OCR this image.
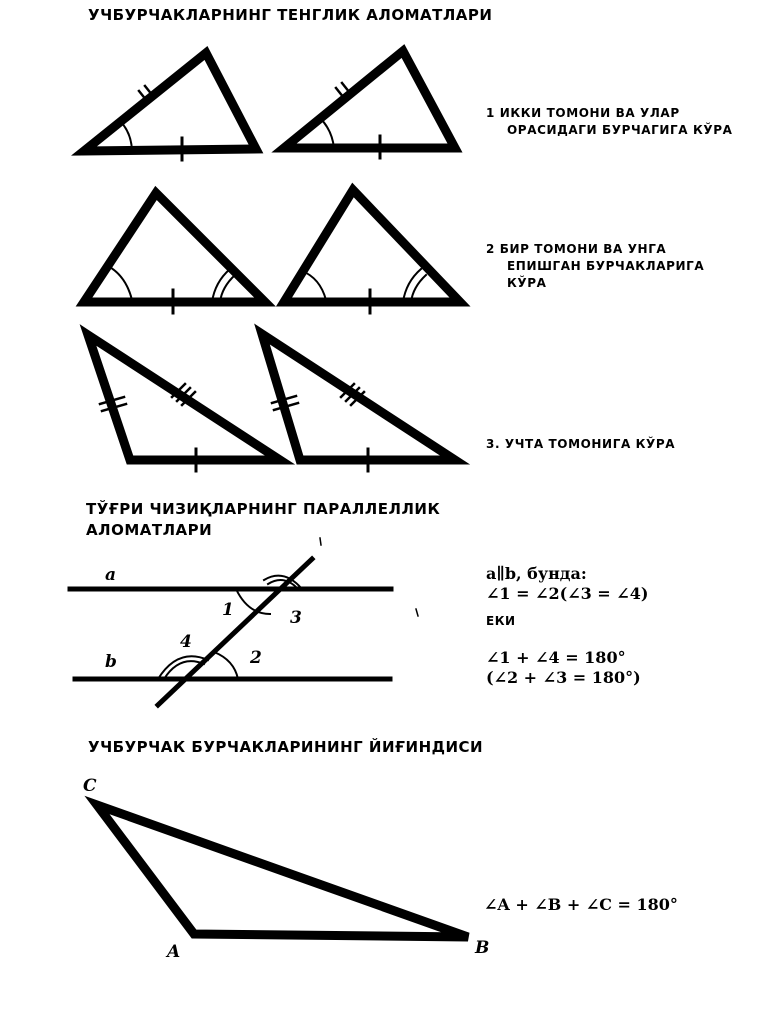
УЧБУРЧАКЛАРНИНГ ТЕНГЛИК АЛОМАТЛАРИ
1 ИККИ ТОМОНИ ВА УЛАР
ОРАСИДАГИ БУРЧАГИГА КЎРА
2 БИР ТОМОНИ ВА УНГА
ЕПИШГАН БУРЧАКЛАРИГА
КЎРА
3. УЧТА ТОМОНИГА КЎРА
ТЎҒРИ ЧИЗИҚЛАРНИНГ ПАРАЛЛЕЛЛИК
АЛОМАТЛАРИ
a
b
1
2
3
4
a∥b, бунда:
∠1 = ∠2(∠3 = ∠4)
ЕКИ
∠1 + ∠4 = 180°
(∠2 + ∠3 = 180°)
УЧБУРЧАК БУРЧАКЛАРИНИНГ ЙИҒИНДИСИ
C
A	B
∠A + ∠B + ∠C = 180°
